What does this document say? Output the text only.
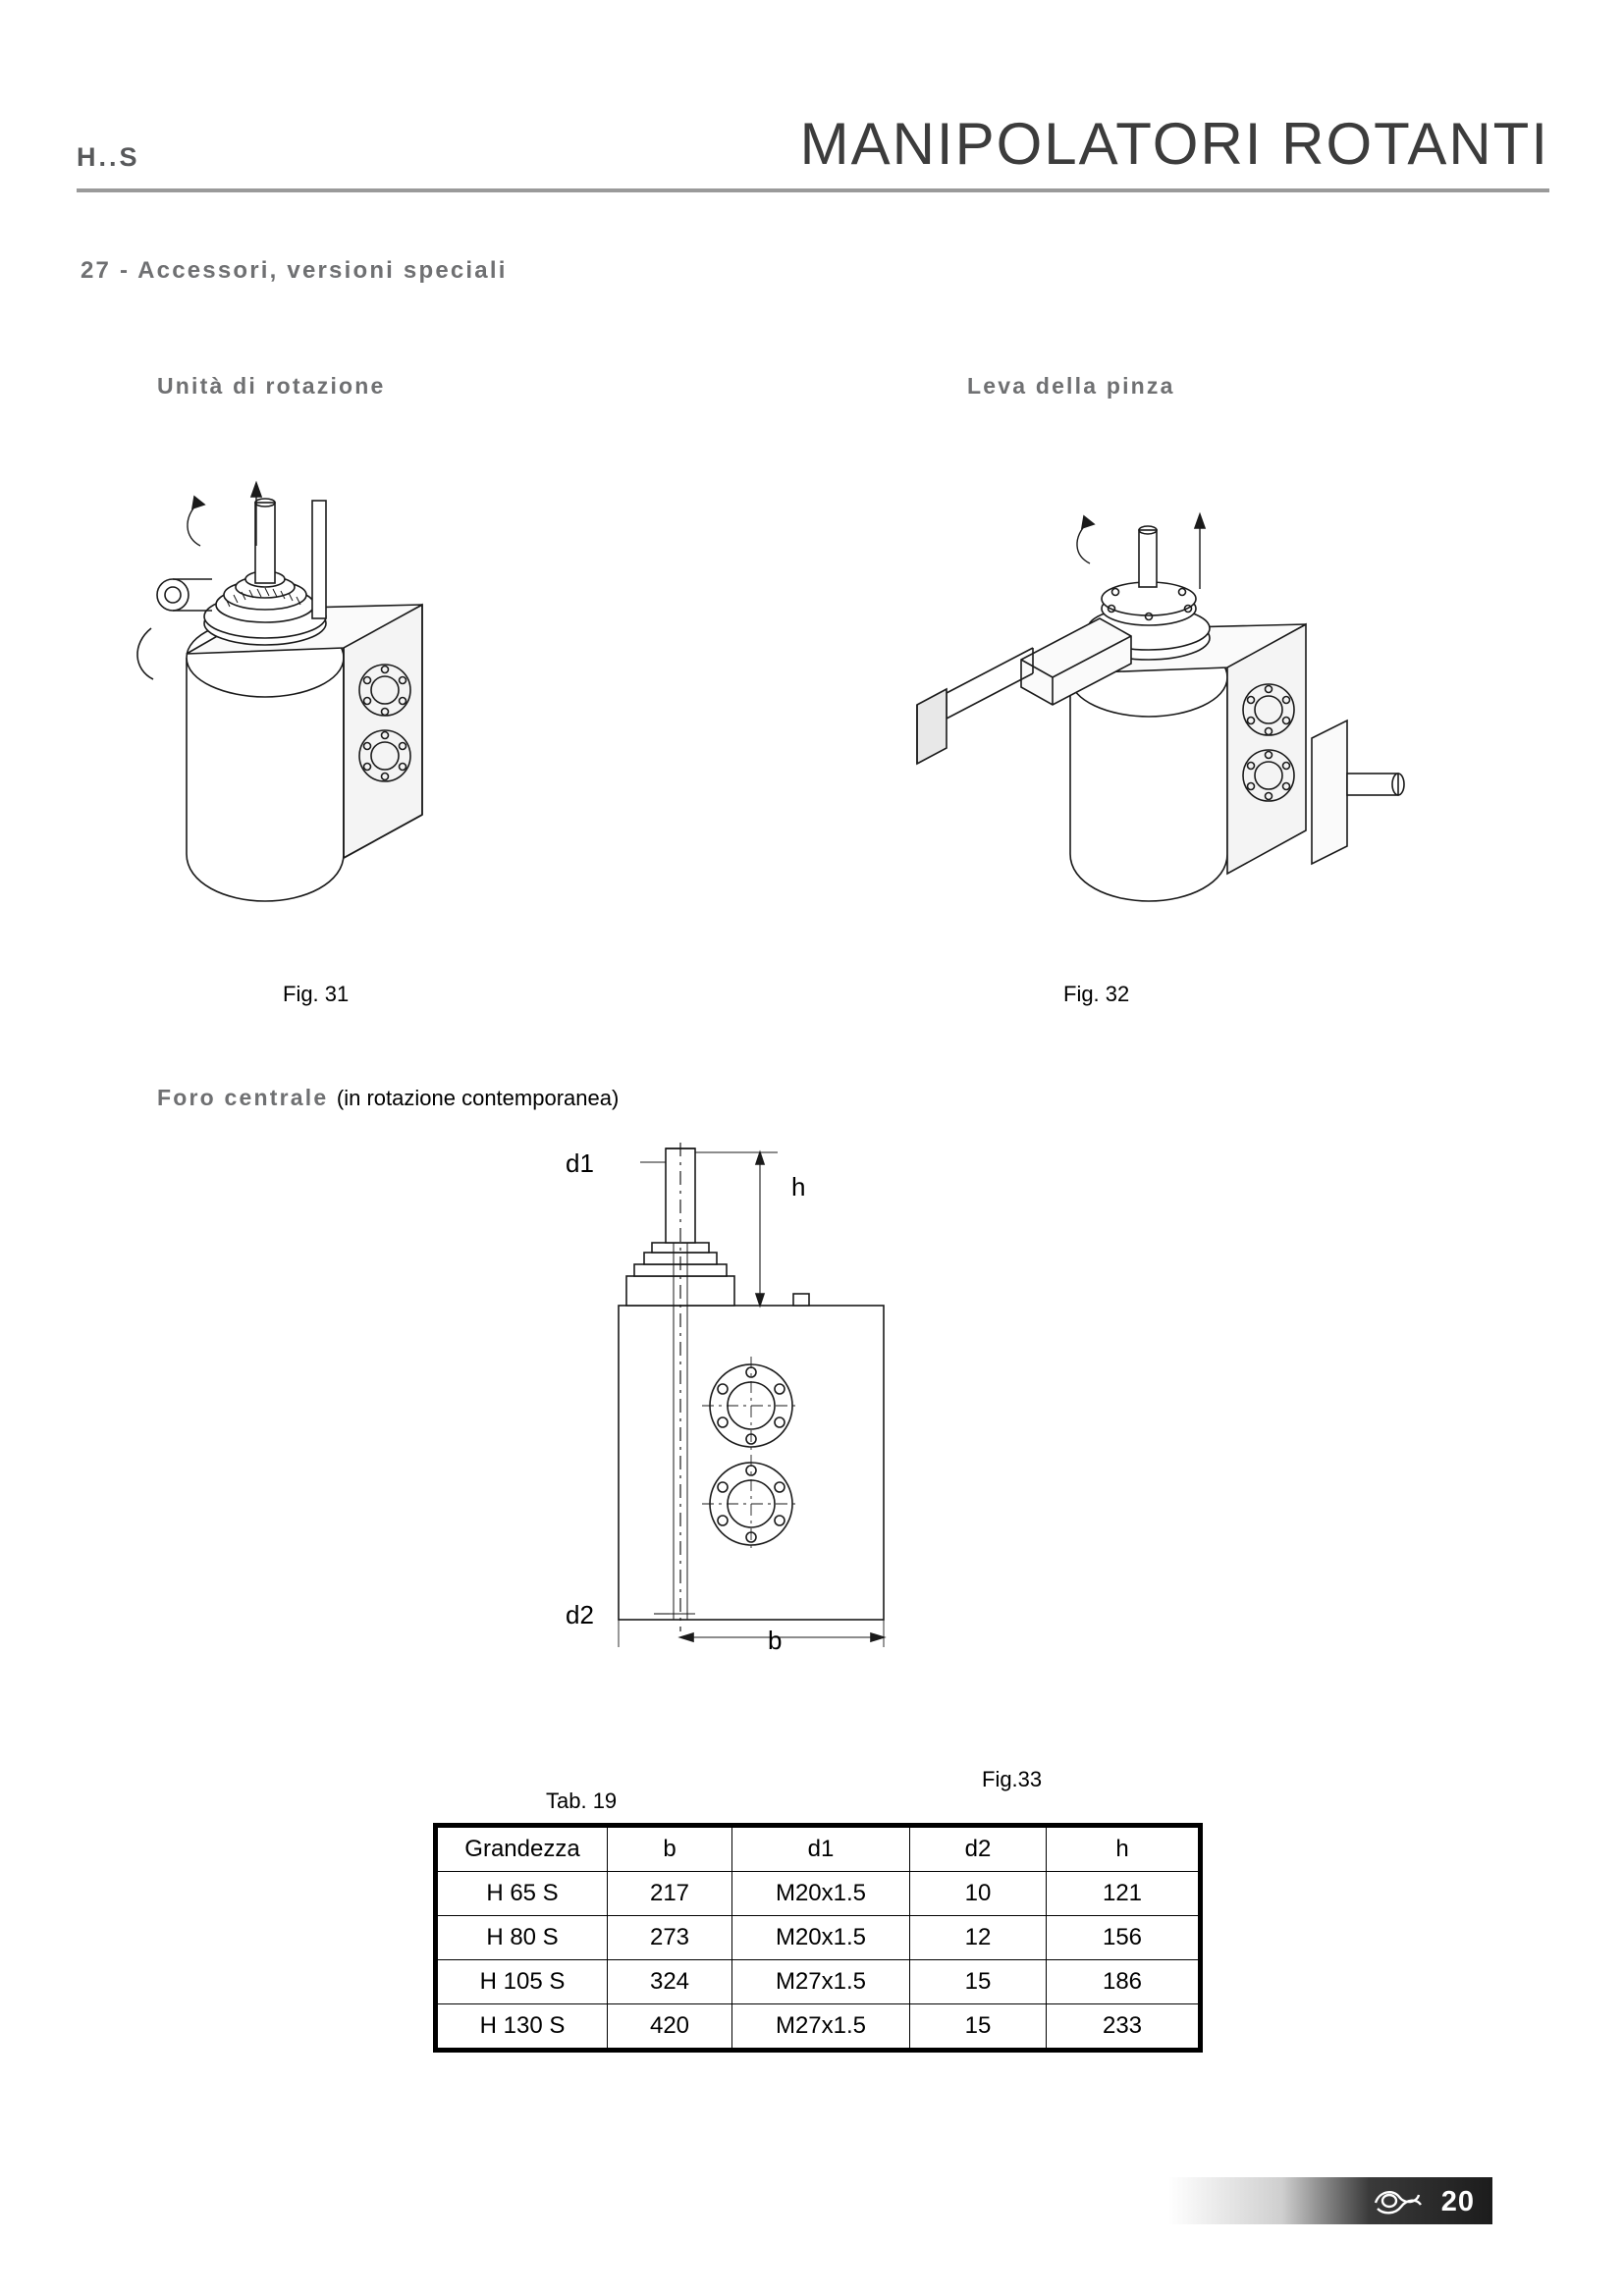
H..S	MANIPOLATORI ROTANTI
27 - Accessori, versioni speciali
Unità di rotazione	Leva della pinza
Fig. 31	Fig. 32
Foro centrale (in rotazione contemporanea)
d1
h
d2
b
Fig.33
Tab. 19
Grandezza	b	d1	d2	h
H 65 S	217	M20x1.5	10	121
H 80 S	273	M20x1.5	12	156
H 105 S	324	M27x1.5	15	186
H 130 S	420	M27x1.5	15	233
20
